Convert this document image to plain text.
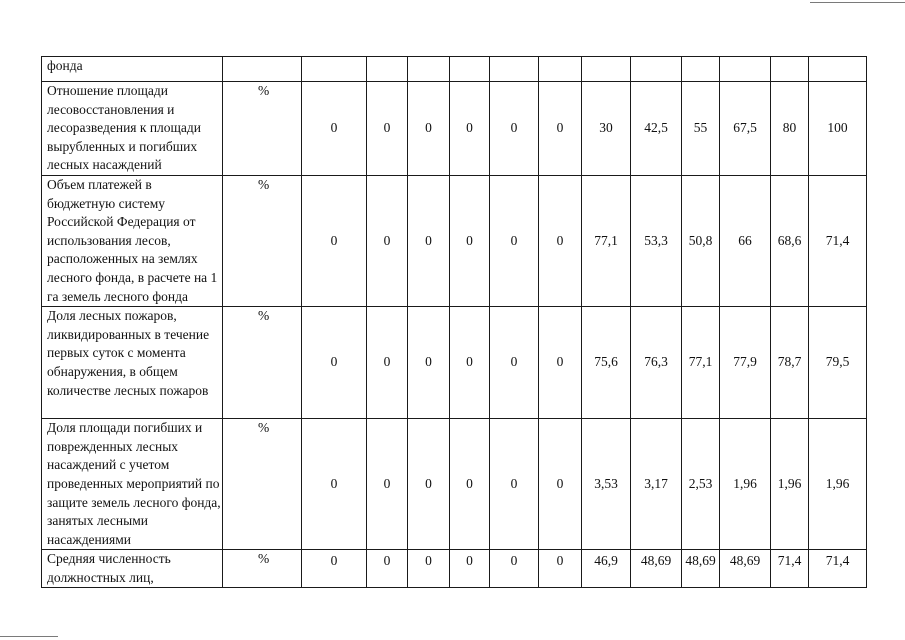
фонда													

Отношение площади лесовосстановления и лесоразведения к площади вырубленных и погибших лесных насаждений	%	0	0	0	0	0	0	30	42,5	55	67,5	80	100

Объем платежей в бюджетную систему Российской Федерация от использования лесов, расположенных на землях лесного фонда, в расчете на 1 га земель лесного фонда	%	0	0	0	0	0	0	77,1	53,3	50,8	66	68,6	71,4

Доля лесных пожаров, ликвидированных в течение первых суток с момента обнаружения, в общем количестве лесных пожаров	%	0	0	0	0	0	0	75,6	76,3	77,1	77,9	78,7	79,5

Доля площади погибших и поврежденных лесных насаждений с учетом проведенных мероприятий по защите земель лесного фонда, занятых лесными насаждениями	%	0	0	0	0	0	0	3,53	3,17	2,53	1,96	1,96	1,96

Средняя численность должностных лиц,	%	0	0	0	0	0	0	46,9	48,69	48,69	48,69	71,4	71,4
